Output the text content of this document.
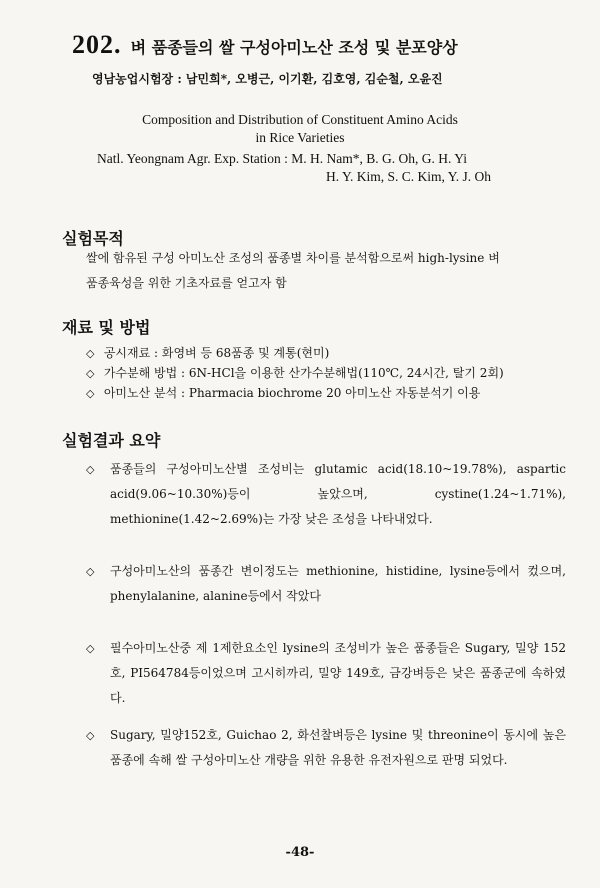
202. 벼 품종들의 쌀 구성아미노산 조성 및 분포양상
영남농업시험장 : 남민희*, 오병근, 이기환, 김호영, 김순철, 오윤진
Composition and Distribution of Constituent Amino Acids
in Rice Varieties
Natl. Yeongnam Agr. Exp. Station : M. H. Nam*, B. G. Oh, G. H. Yi
H. Y. Kim, S. C. Kim, Y. J. Oh
실험목적
쌀에 함유된 구성 아미노산 조성의 품종별 차이를 분석함으로써 high-lysine 벼
품종육성을 위한 기초자료를 얻고자 함
재료 및 방법
◇ 공시재료 : 화영벼 등 68품종 및 계통(현미)
◇ 가수분해 방법 : 6N-HCl을 이용한 산가수분해법(110℃, 24시간, 탈기 2회)
◇ 아미노산 분석 : Pharmacia biochrome 20 아미노산 자동분석기 이용
실험결과 요약
◇	품종들의 구성아미노산별 조성비는 glutamic acid(18.10~19.78%), aspartic acid(9.06~10.30%)등이 높았으며, cystine(1.24~1.71%), methionine(1.42~2.69%)는 가장 낮은 조성을 나타내었다.
◇	구성아미노산의 품종간 변이정도는 methionine, histidine, lysine등에서 컸으며, phenylalanine, alanine등에서 작았다
◇	필수아미노산중 제 1제한요소인 lysine의 조성비가 높은 품종들은 Sugary, 밀양 152호, PI564784등이었으며 고시히까리, 밀양 149호, 금강벼등은 낮은 품종군에 속하였다.
◇	Sugary, 밀양152호, Guichao 2, 화선찰벼등은 lysine 및 threonine이 동시에 높은 품종에 속해 쌀 구성아미노산 개량을 위한 유용한 유전자원으로 판명 되었다.
-48-
